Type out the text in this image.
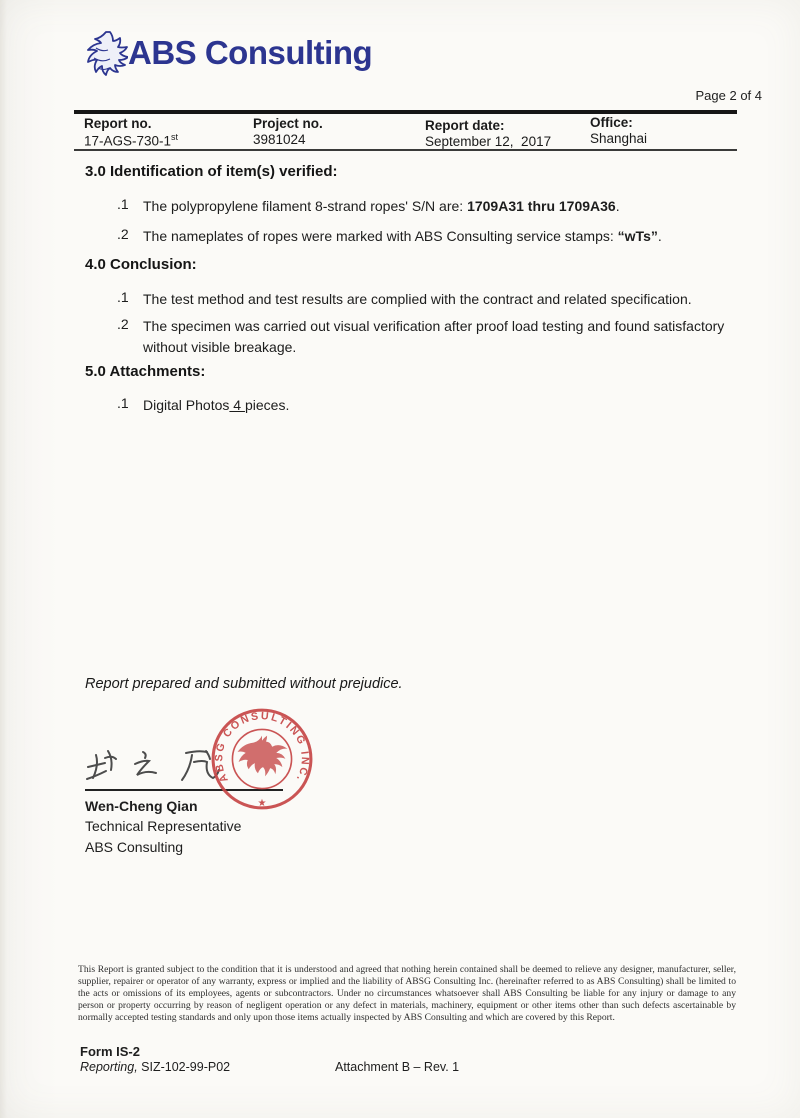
ABS Consulting
Page 2 of 4
Report no.
17-AGS-730-1st
Project no.
3981024
Report date:
September 12,  2017
Office:
Shanghai
3.0 Identification of item(s) verified:
.1	The polypropylene filament 8-strand ropes' S/N are: 1709A31 thru 1709A36.
.2	The nameplates of ropes were marked with ABS Consulting service stamps: “wTs”.
4.0 Conclusion:
.1	The test method and test results are complied with the contract and related specification.
.2	The specimen was carried out visual verification after proof load testing and found satisfactory
without visible breakage.
5.0 Attachments:
.1	Digital Photos 4 pieces.
Report prepared and submitted without prejudice.
ABSG CONSULTING INC.
★
Wen-Cheng Qian
Technical Representative
ABS Consulting
This Report is granted subject to the condition that it is understood and agreed that nothing herein contained shall be deemed to relieve any designer, manufacturer, seller, supplier, repairer or operator of any warranty, express or implied and the liability of ABSG Consulting Inc. (hereinafter referred to as ABS Consulting) shall be limited to the acts or omissions of its employees, agents or subcontractors. Under no circumstances whatsoever shall ABS Consulting be liable for any injury or damage to any person or property occurring by reason of negligent operation or any defect in materials, machinery, equipment or other items other than such defects ascertainable by normally accepted testing standards and only upon those items actually inspected by ABS Consulting and which are covered by this Report.
Form IS-2
Reporting, SIZ-102-99-P02	Attachment B – Rev. 1
